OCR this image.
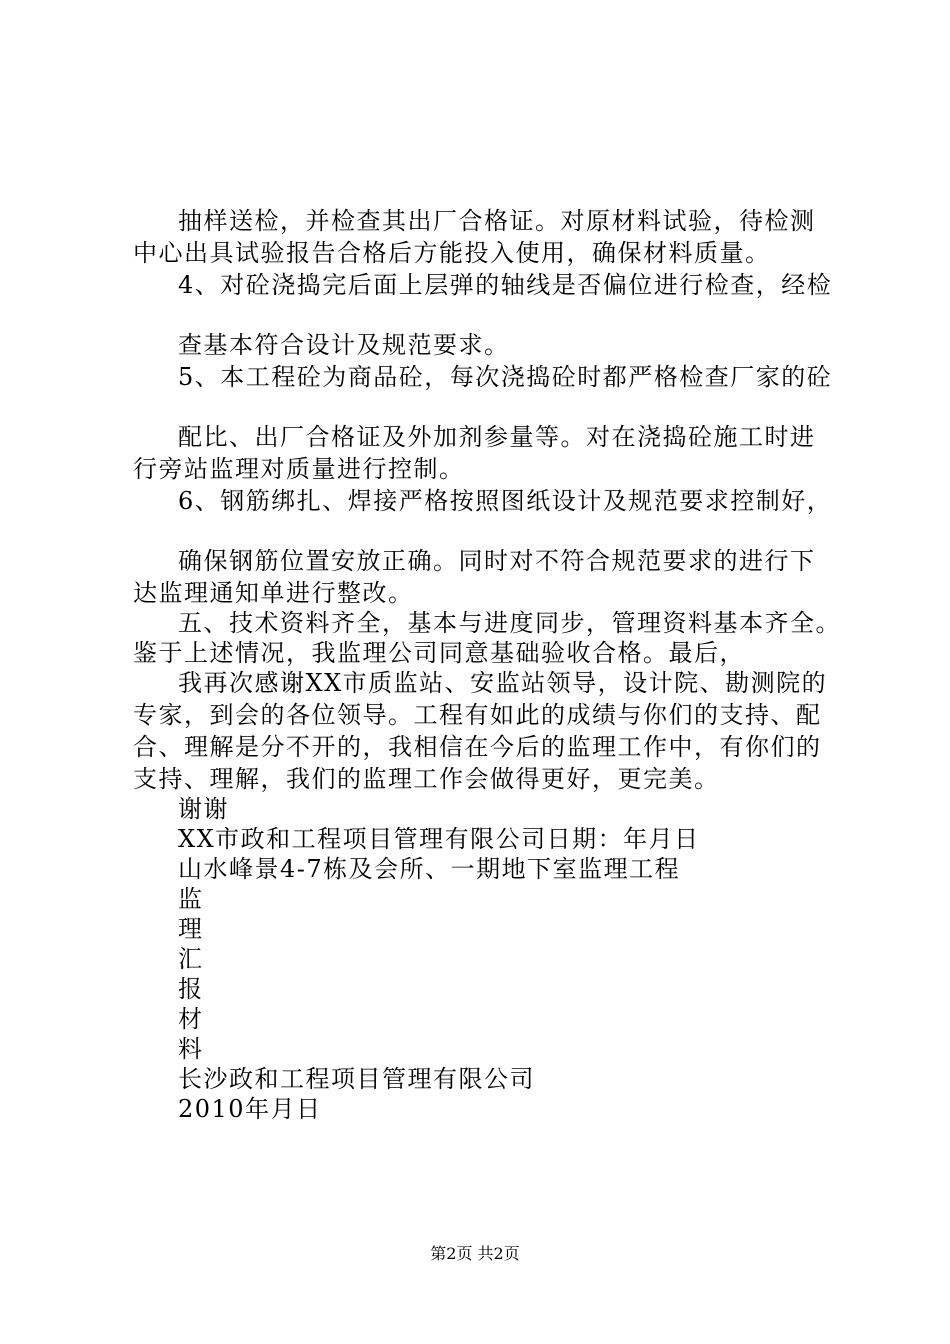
抽样送检，并检查其出厂合格证。对原材料试验，待检测

中心出具试验报告合格后方能投入使用，确保材料质量。

4、对砼浇捣完后面上层弹的轴线是否偏位进行检查，经检

查基本符合设计及规范要求。

5、本工程砼为商品砼，每次浇捣砼时都严格检查厂家的砼

配比、出厂合格证及外加剂参量等。对在浇捣砼施工时进

行旁站监理对质量进行控制。

6、钢筋绑扎、焊接严格按照图纸设计及规范要求控制好，

确保钢筋位置安放正确。同时对不符合规范要求的进行下

达监理通知单进行整改。

五、技术资料齐全，基本与进度同步，管理资料基本齐全。

鉴于上述情况，我监理公司同意基础验收合格。最后，

我再次感谢XX市质监站、安监站领导，设计院、勘测院的

专家，到会的各位领导。工程有如此的成绩与你们的支持、配

合、理解是分不开的，我相信在今后的监理工作中，有你们的

支持、理解，我们的监理工作会做得更好，更完美。

谢谢

XX市政和工程项目管理有限公司日期：年月日

山水峰景4-7栋及会所、一期地下室监理工程

监

理

汇

报

材

料

长沙政和工程项目管理有限公司

2010年月日

第2页 共2页
